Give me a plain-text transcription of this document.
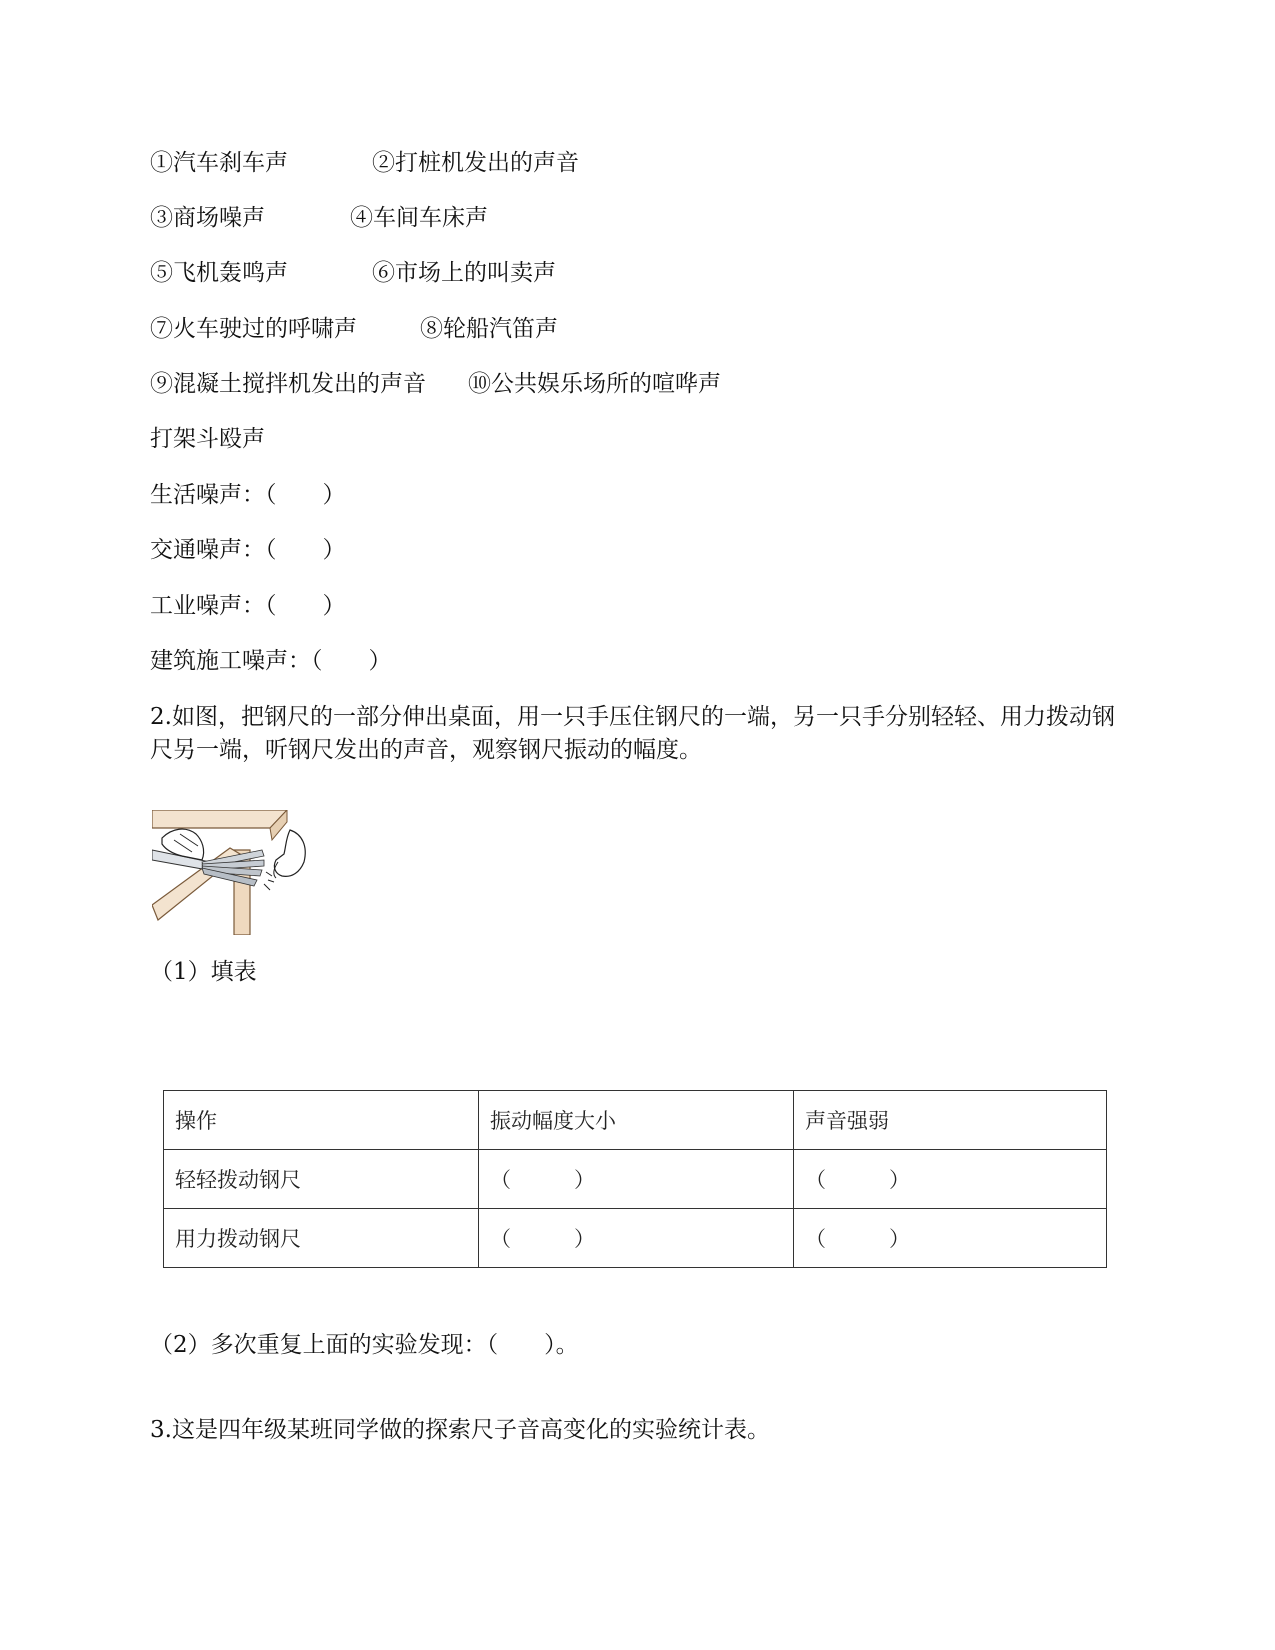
①汽车刹车声	②打桩机发出的声音
③商场噪声	④车间车床声
⑤飞机轰鸣声	⑥市场上的叫卖声
⑦火车驶过的呼啸声	⑧轮船汽笛声
⑨混凝土搅拌机发出的声音 ⑩公共娱乐场所的喧哗声
打架斗殴声
生活噪声：（　　）
交通噪声：（　　）
工业噪声：（　　）
建筑施工噪声：（　　）
2.如图，把钢尺的一部分伸出桌面，用一只手压住钢尺的一端，另一只手分别轻轻、用力拨动钢尺另一端，听钢尺发出的声音，观察钢尺振动的幅度。
（1）填表
操作	振动幅度大小	声音强弱
轻轻拨动钢尺	（　　　）	（　　　）
用力拨动钢尺	（　　　）	（　　　）
（2）多次重复上面的实验发现：（　　）。
3.这是四年级某班同学做的探索尺子音高变化的实验统计表。
